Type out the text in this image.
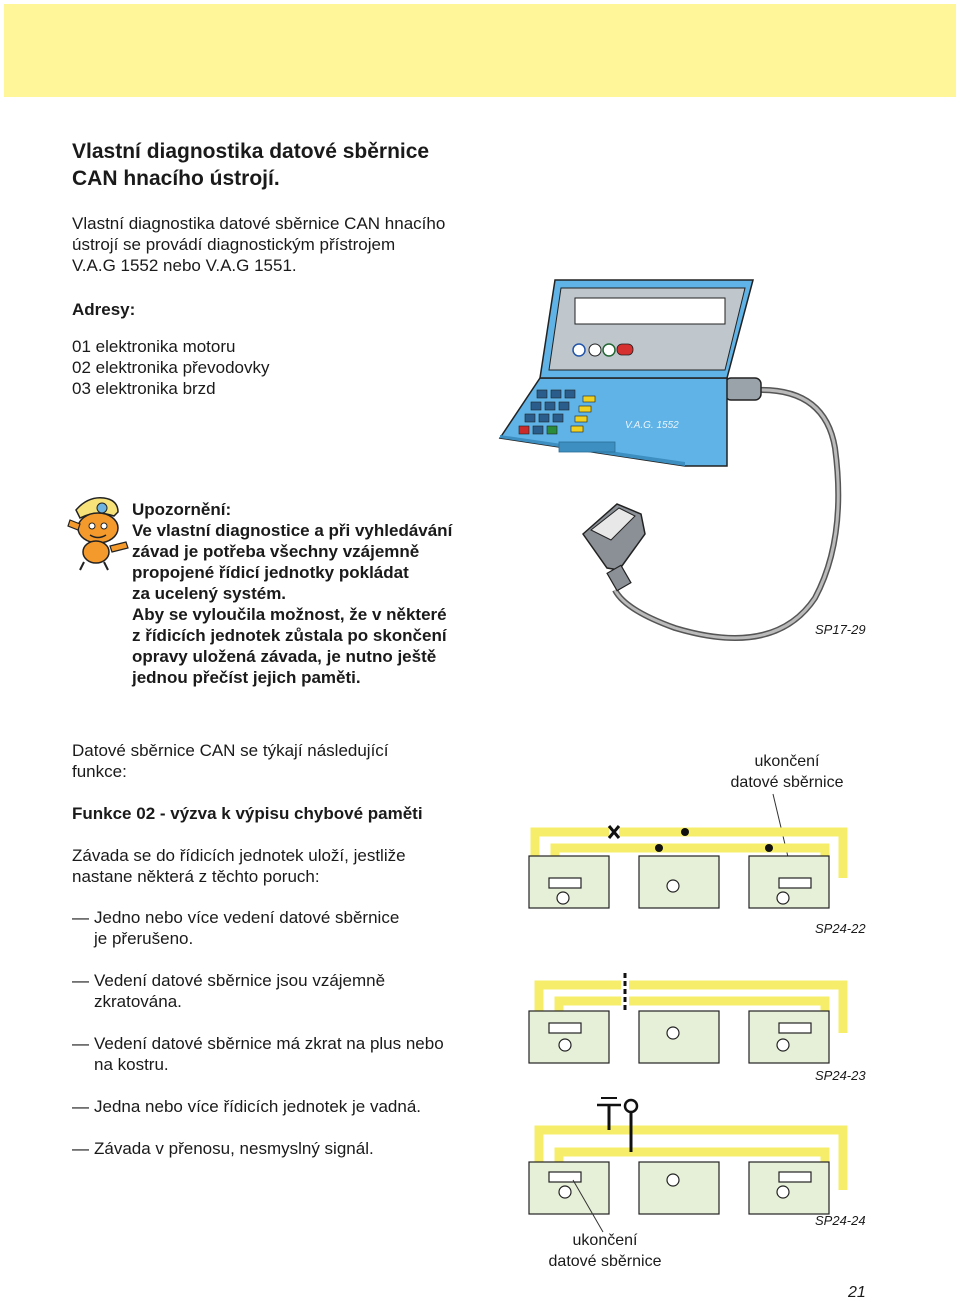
Vlastní diagnostika datové sběrnice
CAN hnacího ústrojí.
Vlastní diagnostika datové sběrnice CAN hnacího
ústrojí se provádí diagnostickým přístrojem
V.A.G 1552 nebo V.A.G 1551.
Adresy:
01 elektronika motoru
02 elektronika převodovky
03 elektronika brzd
Upozornění:
Ve vlastní diagnostice a při vyhledávání
závad je potřeba všechny vzájemně
propojené řídicí jednotky pokládat
za ucelený systém.
Aby se vyloučila možnost, že v některé
z řídicích jednotek zůstala po skončení
opravy uložená závada, je nutno ještě
jednou přečíst jejich paměti.
V.A.G. 1552
SP17-29
Datové sběrnice CAN se týkají následující
funkce:
Funkce 02 - výzva k výpisu chybové paměti
Závada se do řídicích jednotek uloží, jestliže
nastane některá z těchto poruch:
— Jedno nebo více vedení datové sběrnice
je přerušeno.
— Vedení datové sběrnice jsou vzájemně
zkratována.
— Vedení datové sběrnice má zkrat na plus nebo
na kostru.
— Jedna nebo více řídicích jednotek je vadná.
— Závada v přenosu, nesmyslný signál.
ukončení
datové sběrnice
SP24-22
SP24-23
SP24-24
ukončení
datové sběrnice
21
